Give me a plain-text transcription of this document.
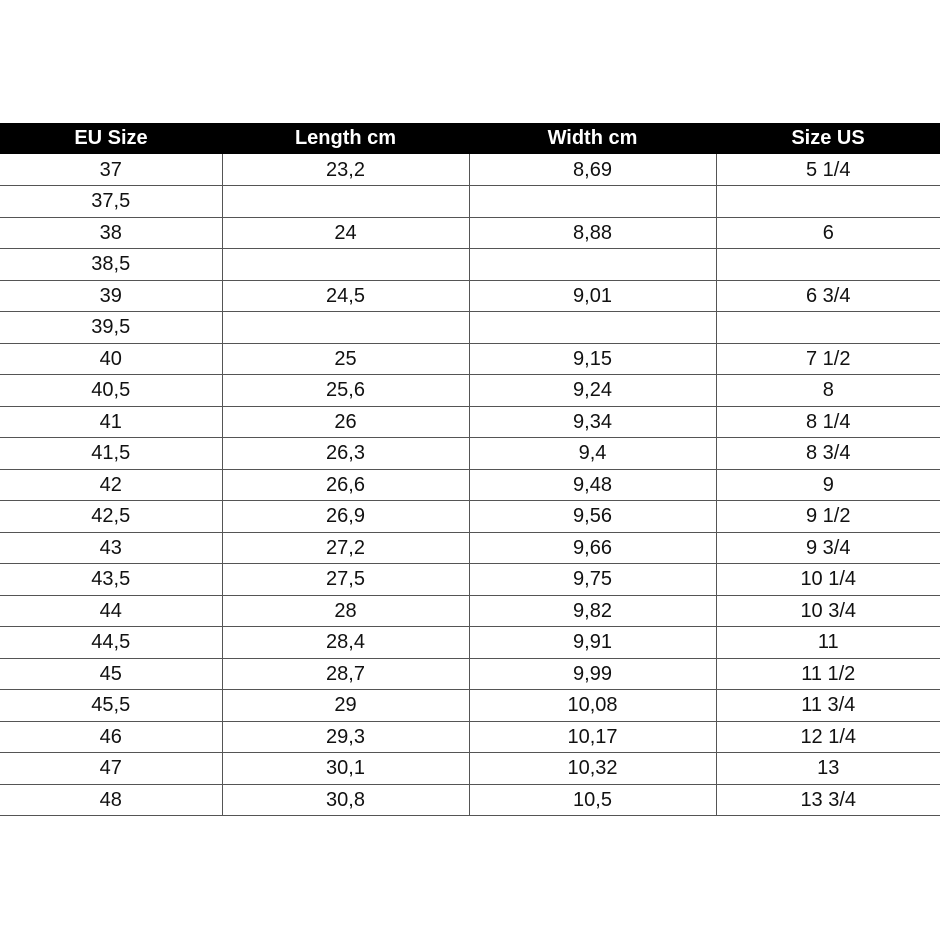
EU Size	Length cm	Width cm	Size US
37	23,2	8,69	5 1/4
37,5			
38	24	8,88	6
38,5			
39	24,5	9,01	6 3/4
39,5			
40	25	9,15	7 1/2
40,5	25,6	9,24	8
41	26	9,34	8 1/4
41,5	26,3	9,4	8 3/4
42	26,6	9,48	9
42,5	26,9	9,56	9 1/2
43	27,2	9,66	9 3/4
43,5	27,5	9,75	10 1/4
44	28	9,82	10 3/4
44,5	28,4	9,91	11
45	28,7	9,99	11 1/2
45,5	29	10,08	11 3/4
46	29,3	10,17	12 1/4
47	30,1	10,32	13
48	30,8	10,5	13 3/4
